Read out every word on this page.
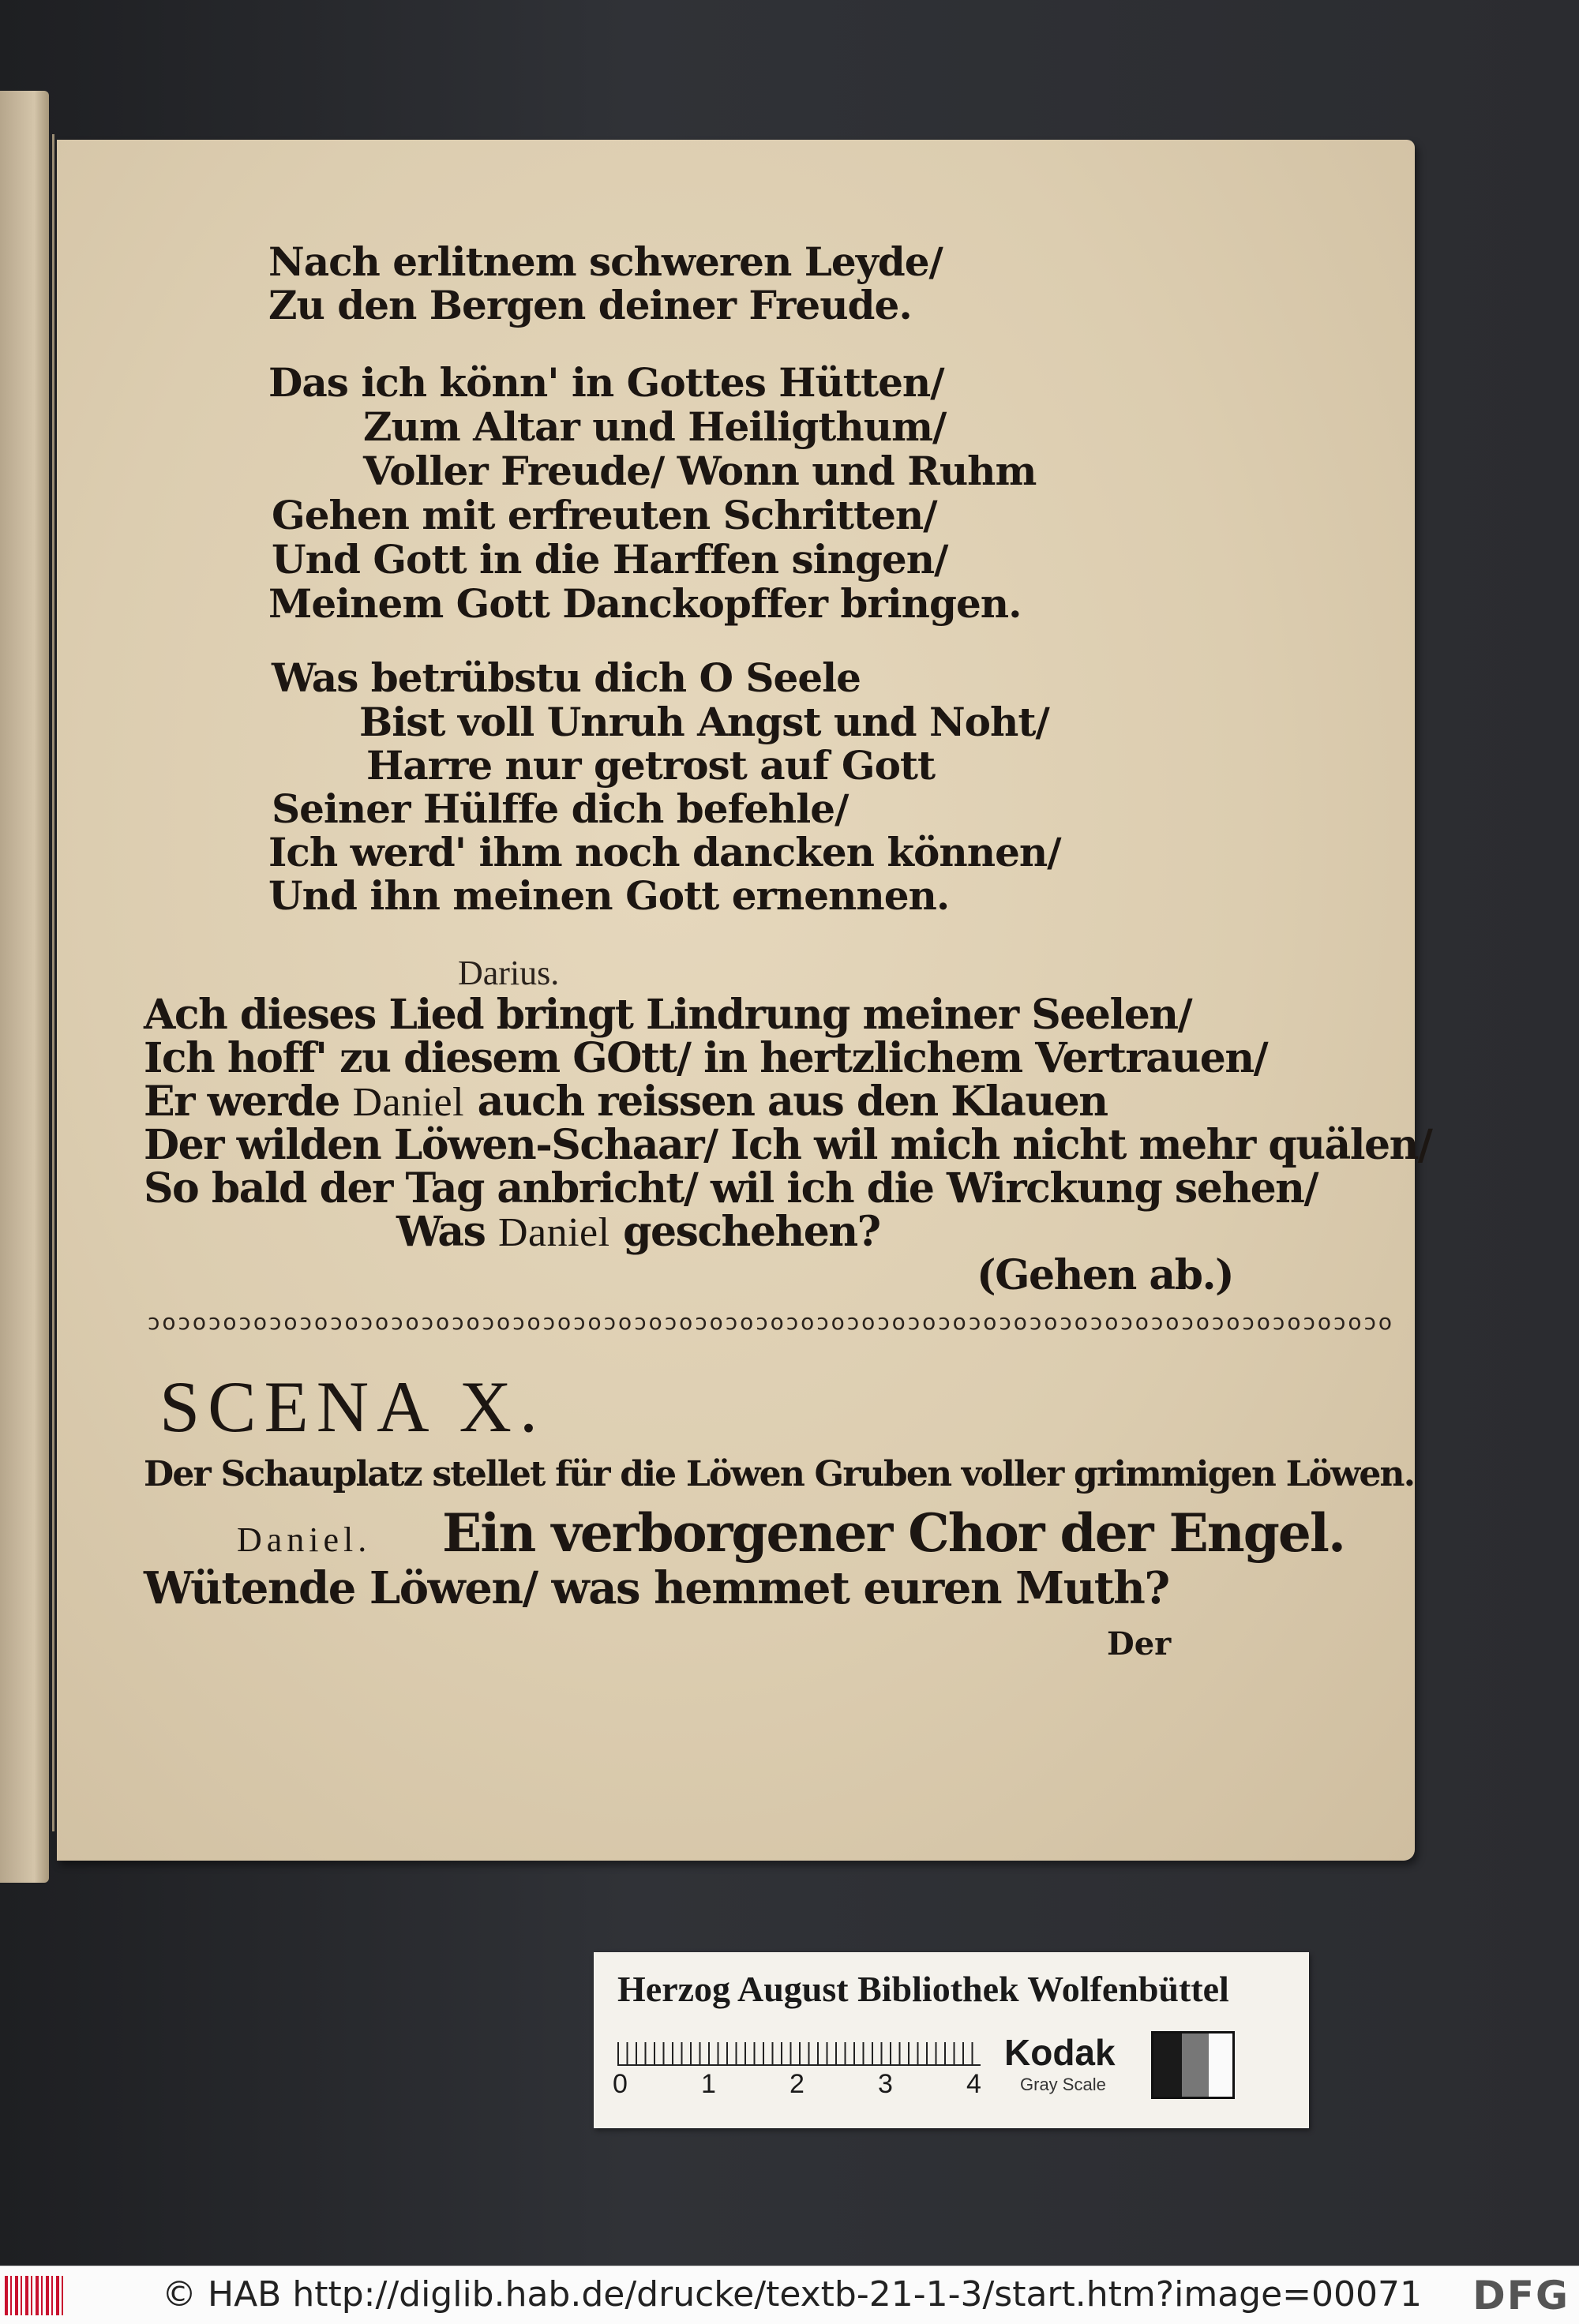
Nach erlitnem schweren Leyde/
Zu den Bergen deiner Freude.
Das ich könn' in Gottes Hütten/
Zum Altar und Heiligthum/
Voller Freude/ Wonn und Ruhm
Gehen mit erfreuten Schritten/
Und Gott in die Harffen singen/
Meinem Gott Danckopffer bringen.
Was betrübstu dich O Seele
Bist voll Unruh Angst und Noht/
Harre nur getrost auf Gott
Seiner Hülffe dich befehle/
Ich werd' ihm noch dancken können/
Und ihn meinen Gott ernennen.
Darius.
Ach dieses Lied bringt Lindrung meiner Seelen/
Ich hoff' zu diesem GOtt/ in hertzlichem Vertrauen/
Er werde Daniel auch reissen aus den Klauen
Der wilden Löwen-Schaar/ Ich wil mich nicht mehr quälen/
So bald der Tag anbricht/ wil ich die Wirckung sehen/
Was Daniel geschehen?
(Gehen ab.)
ↄoↄoↄoↄoↄoↄoↄoↄoↄoↄoↄoↄoↄoↄoↄoↄoↄoↄoↄoↄoↄoↄoↄoↄoↄoↄoↄoↄoↄoↄoↄoↄoↄoↄoↄoↄoↄoↄoↄoↄoↄo
SCENA X.
Der Schauplatz stellet für die Löwen Gruben voller grimmigen Löwen.
Daniel. Ein verborgener Chor der Engel.
Wütende Löwen/ was hemmet euren Muth?
Der
Herzog August Bibliothek Wolfenbüttel
0	1	2	3	4
Kodak
Gray Scale
© HAB http://diglib.hab.de/drucke/textb-21-1-3/start.htm?image=00071 DFG
